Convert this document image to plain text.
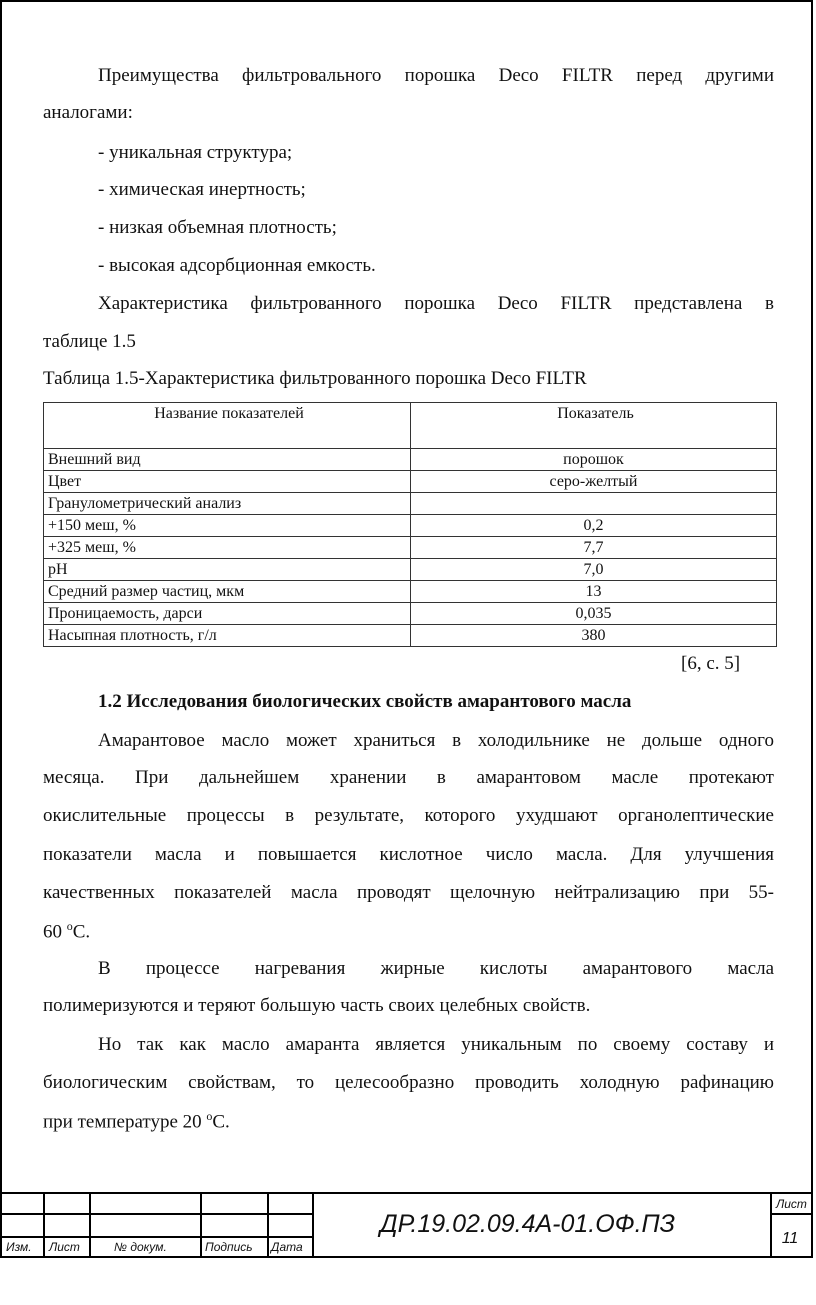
Преимущества фильтровального порошка Deco FILTR перед другими
аналогами:
- уникальная структура;
- химическая инертность;
- низкая объемная плотность;
- высокая адсорбционная емкость.
Характеристика фильтрованного порошка Deco FILTR представлена в
таблице 1.5
Таблица 1.5-Характеристика фильтрованного порошка Deco FILTR
Название показателей	Показатель
Внешний вид	порошок
Цвет	серо-желтый
Гранулометрический анализ	
+150 меш, %	0,2
+325 меш, %	7,7
pH	7,0
Средний размер частиц, мкм	13
Проницаемость, дарси	0,035
Насыпная плотность, г/л	380
[6, с. 5]
1.2 Исследования биологических свойств амарантового масла
Амарантовое масло может храниться в холодильнике не дольше одного
месяца. При дальнейшем хранении в амарантовом масле протекают
окислительные процессы в результате, которого ухудшают органолептические
показатели масла и повышается кислотное число масла. Для улучшения
качественных показателей масла проводят щелочную нейтрализацию при 55-
60 $^о$С.
В процессе нагревания жирные кислоты амарантового масла
полимеризуются и теряют большую часть своих целебных свойств.
Но так как масло амаранта является уникальным по своему составу и
биологическим свойствам, то целесообразно проводить холодную рафинацию
при температуре 20 $^о$С.
Изм. Лист	№ докум.	Подпись Дата
ДР.19.02.09.4А-01.ОФ.ПЗ
Лист
11
